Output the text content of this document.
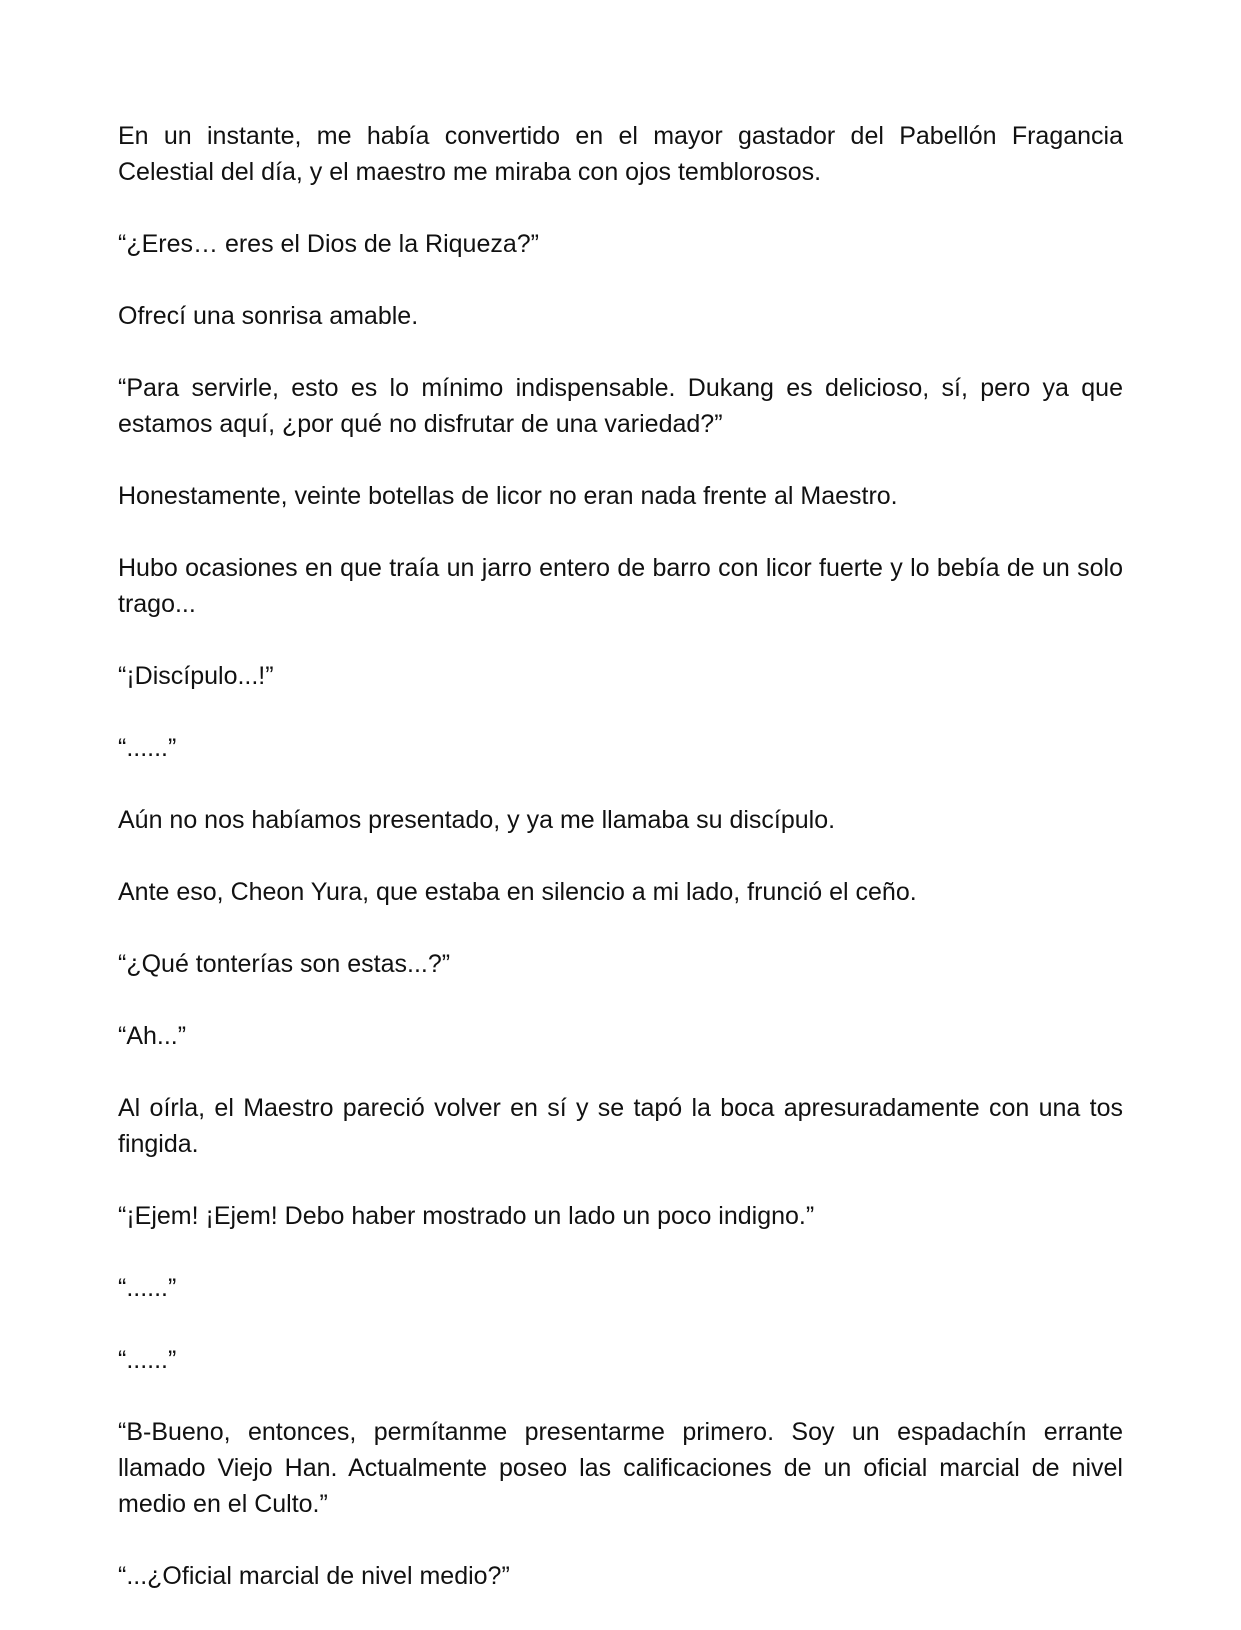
En un instante, me había convertido en el mayor gastador del Pabellón Fragancia Celestial del día, y el maestro me miraba con ojos temblorosos.

“¿Eres… eres el Dios de la Riqueza?”

Ofrecí una sonrisa amable.

“Para servirle, esto es lo mínimo indispensable. Dukang es delicioso, sí, pero ya que estamos aquí, ¿por qué no disfrutar de una variedad?”

Honestamente, veinte botellas de licor no eran nada frente al Maestro.

Hubo ocasiones en que traía un jarro entero de barro con licor fuerte y lo bebía de un solo trago...

“¡Discípulo...!”

“......”

Aún no nos habíamos presentado, y ya me llamaba su discípulo.

Ante eso, Cheon Yura, que estaba en silencio a mi lado, frunció el ceño.

“¿Qué tonterías son estas...?”

“Ah...”

Al oírla, el Maestro pareció volver en sí y se tapó la boca apresuradamente con una tos fingida.

“¡Ejem! ¡Ejem! Debo haber mostrado un lado un poco indigno.”

“......”

“......”

“B-Bueno, entonces, permítanme presentarme primero. Soy un espadachín errante llamado Viejo Han. Actualmente poseo las calificaciones de un oficial marcial de nivel medio en el Culto.”

“...¿Oficial marcial de nivel medio?”
